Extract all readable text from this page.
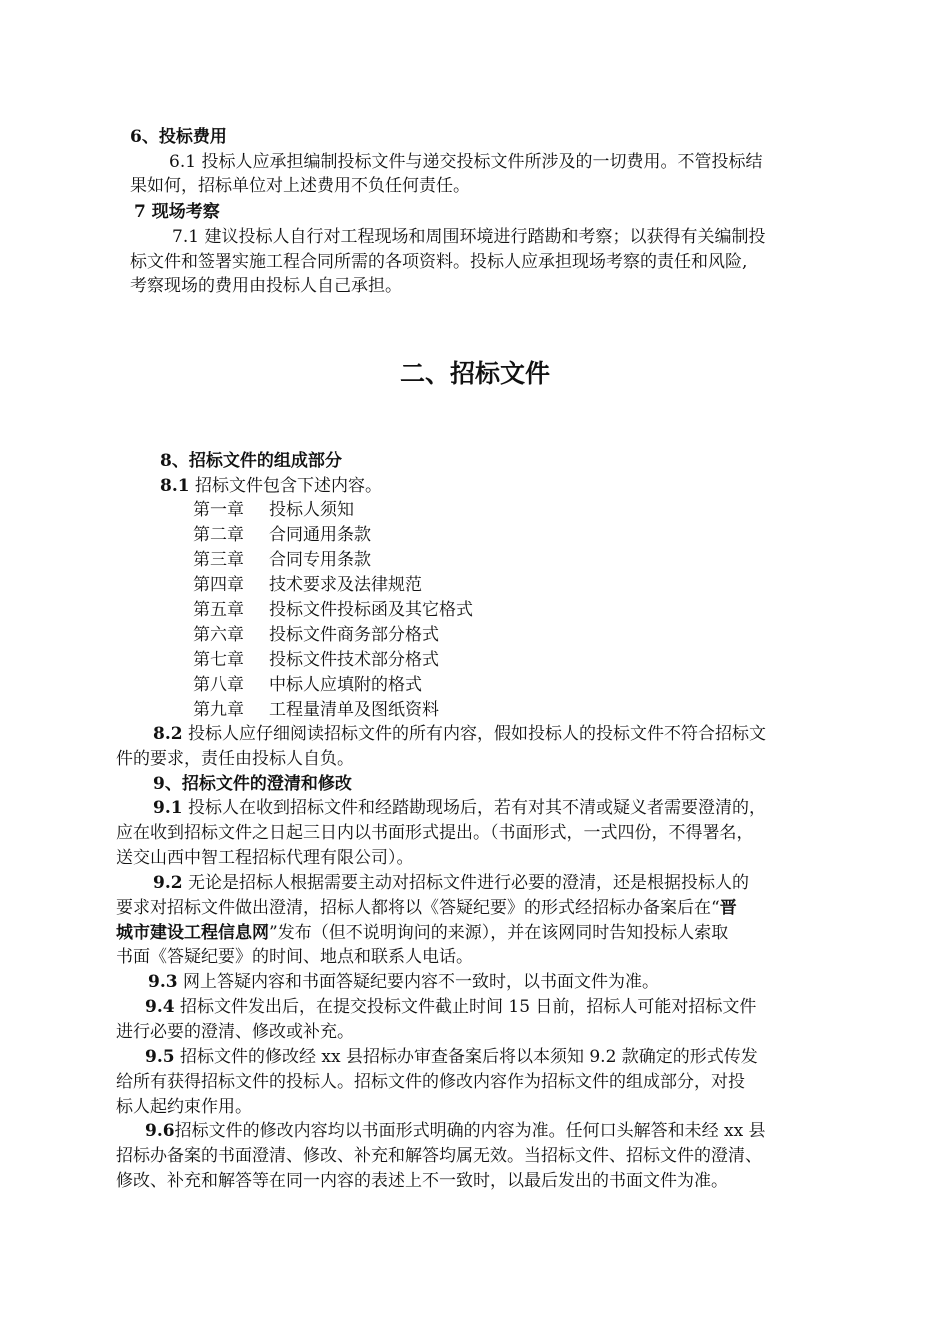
6、投标费用
6.1 投标人应承担编制投标文件与递交投标文件所涉及的一切费用。不管投标结
果如何，招标单位对上述费用不负任何责任。
7 现场考察
7.1 建议投标人自行对工程现场和周围环境进行踏勘和考察；以获得有关编制投
标文件和签署实施工程合同所需的各项资料。投标人应承担现场考察的责任和风险,
考察现场的费用由投标人自己承担。
二、招标文件
8、招标文件的组成部分
8.1 招标文件包含下述内容。
第一章 投标人须知
第二章 合同通用条款
第三章 合同专用条款
第四章 技术要求及法律规范
第五章 投标文件投标函及其它格式
第六章 投标文件商务部分格式
第七章 投标文件技术部分格式
第八章 中标人应填附的格式
第九章 工程量清单及图纸资料
8.2 投标人应仔细阅读招标文件的所有内容，假如投标人的投标文件不符合招标文
件的要求，责任由投标人自负。
9、招标文件的澄清和修改
9.1 投标人在收到招标文件和经踏勘现场后，若有对其不清或疑义者需要澄清的，
应在收到招标文件之日起三日内以书面形式提出。（书面形式，一式四份，不得署名，
送交山西中智工程招标代理有限公司）。
9.2 无论是招标人根据需要主动对招标文件进行必要的澄清，还是根据投标人的
要求对招标文件做出澄清，招标人都将以《答疑纪要》的形式经招标办备案后在“晋
城市建设工程信息网”发布（但不说明询问的来源），并在该网同时告知投标人索取
书面《答疑纪要》的时间、地点和联系人电话。
9.3 网上答疑内容和书面答疑纪要内容不一致时，以书面文件为准。
9.4 招标文件发出后，在提交投标文件截止时间 15 日前，招标人可能对招标文件
进行必要的澄清、修改或补充。
9.5 招标文件的修改经 xx 县招标办审查备案后将以本须知 9.2 款确定的形式传发
给所有获得招标文件的投标人。招标文件的修改内容作为招标文件的组成部分，对投
标人起约束作用。
9.6招标文件的修改内容均以书面形式明确的内容为准。任何口头解答和未经 xx 县
招标办备案的书面澄清、修改、补充和解答均属无效。当招标文件、招标文件的澄清、
修改、补充和解答等在同一内容的表述上不一致时，以最后发出的书面文件为准。
